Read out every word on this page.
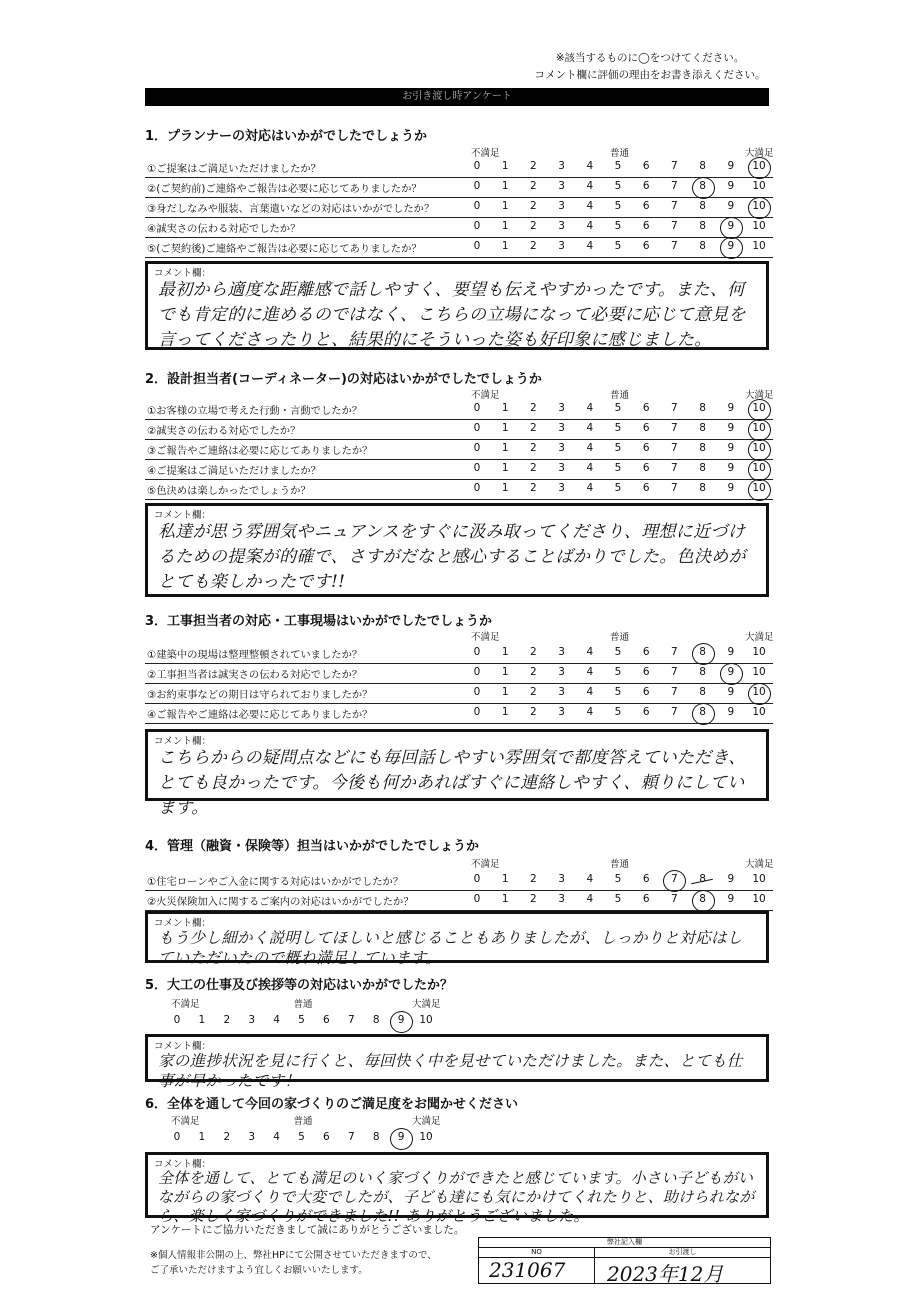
※該当するものに◯をつけてください。
コメント欄に評価の理由をお書き添えください。
お引き渡し時アンケート
1．プランナーの対応はいかがでしたでしょうか
不満足	普通	大満足
①ご提案はご満足いただけましたか？	0	1	2	3	4	5	6	7	8	9	10
②(ご契約前)ご連絡やご報告は必要に応じてありましたか？	0	1	2	3	4	5	6	7	8	9	10
③身だしなみや服装、言葉遣いなどの対応はいかがでしたか？	0	1	2	3	4	5	6	7	8	9	10
④誠実さの伝わる対応でしたか？	0	1	2	3	4	5	6	7	8	9	10
⑤(ご契約後)ご連絡やご報告は必要に応じてありましたか？	0	1	2	3	4	5	6	7	8	9	10
コメント欄：
最初から適度な距離感で話しやすく、要望も伝えやすかったです。また、何でも肯定的に進めるのではなく、こちらの立場になって必要に応じて意見を言ってくださったりと、結果的にそういった姿も好印象に感じました。
2．設計担当者(コーディネーター)の対応はいかがでしたでしょうか
不満足	普通	大満足
①お客様の立場で考えた行動・言動でしたか？	0	1	2	3	4	5	6	7	8	9	10
②誠実さの伝わる対応でしたか？	0	1	2	3	4	5	6	7	8	9	10
③ご報告やご連絡は必要に応じてありましたか？	0	1	2	3	4	5	6	7	8	9	10
④ご提案はご満足いただけましたか？	0	1	2	3	4	5	6	7	8	9	10
⑤色決めは楽しかったでしょうか？	0	1	2	3	4	5	6	7	8	9	10
コメント欄：
私達が思う雰囲気やニュアンスをすぐに汲み取ってくださり、理想に近づけるための提案が的確で、さすがだなと感心することばかりでした。色決めがとても楽しかったです!!
3．工事担当者の対応・工事現場はいかがでしたでしょうか
不満足	普通	大満足
①建築中の現場は整理整頓されていましたか？	0	1	2	3	4	5	6	7	8	9	10
②工事担当者は誠実さの伝わる対応でしたか？	0	1	2	3	4	5	6	7	8	9	10
③お約束事などの期日は守られておりましたか？	0	1	2	3	4	5	6	7	8	9	10
④ご報告やご連絡は必要に応じてありましたか？	0	1	2	3	4	5	6	7	8	9	10
コメント欄：
こちらからの疑問点などにも毎回話しやすい雰囲気で都度答えていただき、とても良かったです。今後も何かあればすぐに連絡しやすく、頼りにしています。
4．管理（融資・保険等）担当はいかがでしたでしょうか
不満足	普通	大満足
①住宅ローンやご入金に関する対応はいかがでしたか？	0	1	2	3	4	5	6	7	8	9	10
②火災保険加入に関するご案内の対応はいかがでしたか？	0	1	2	3	4	5	6	7	8	9	10
コメント欄：
もう少し細かく説明してほしいと感じることもありましたが、しっかりと対応はしていただいたので概ね満足しています。
5．大工の仕事及び挨拶等の対応はいかがでしたか？
不満足	普通	大満足
0	1	2	3	4	5	6	7	8	9	10
コメント欄：
家の進捗状況を見に行くと、毎回快く中を見せていただけました。また、とても仕事が早かったです！
6．全体を通して今回の家づくりのご満足度をお聞かせください
不満足	普通	大満足
0	1	2	3	4	5	6	7	8	9	10
コメント欄：
全体を通して、とても満足のいく家づくりができたと感じています。小さい子どもがいながらの家づくりで大変でしたが、子ども達にも気にかけてくれたりと、助けられながら、楽しく家づくりができました!! ありがとうございました。
アンケートにご協力いただきまして誠にありがとうございました。
※個人情報非公開の上、弊社HPにて公開させていただきますので、
ご了承いただけますよう宜しくお願いいたします。
弊社記入欄
NO	お引渡し
231067 2023年12月
